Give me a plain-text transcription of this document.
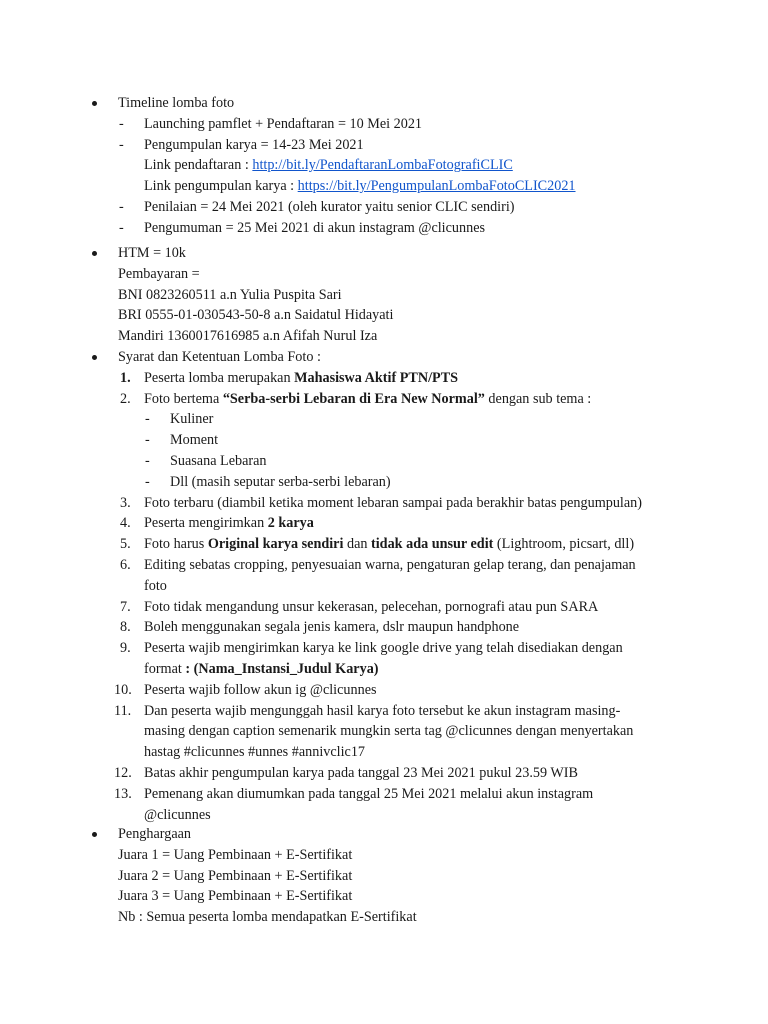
Timeline lomba foto
- Launching pamflet + Pendaftaran = 10 Mei 2021
- Pengumpulan karya = 14-23 Mei 2021
Link pendaftaran : http://bit.ly/PendaftaranLombaFotografiCLIC
Link pengumpulan karya : https://bit.ly/PengumpulanLombaFotoCLIC2021
- Penilaian = 24 Mei 2021 (oleh kurator yaitu senior CLIC sendiri)
- Pengumuman = 25 Mei 2021 di akun instagram @clicunnes
HTM = 10k
Pembayaran =
BNI 0823260511 a.n Yulia Puspita Sari
BRI 0555-01-030543-50-8 a.n Saidatul Hidayati
Mandiri 1360017616985 a.n Afifah Nurul Iza
Syarat dan Ketentuan Lomba Foto :
1. Peserta lomba merupakan Mahasiswa Aktif PTN/PTS
2. Foto bertema “Serba-serbi Lebaran di Era New Normal” dengan sub tema :
- Kuliner
- Moment
- Suasana Lebaran
- Dll (masih seputar serba-serbi lebaran)
3. Foto terbaru (diambil ketika moment lebaran sampai pada berakhir batas pengumpulan)
4. Peserta mengirimkan 2 karya
5. Foto harus Original karya sendiri dan tidak ada unsur edit (Lightroom, picsart, dll)
6. Editing sebatas cropping, penyesuaian warna, pengaturan gelap terang, dan penajaman
foto
7. Foto tidak mengandung unsur kekerasan, pelecehan, pornografi atau pun SARA
8. Boleh menggunakan segala jenis kamera, dslr maupun handphone
9. Peserta wajib mengirimkan karya ke link google drive yang telah disediakan dengan
format : (Nama_Instansi_Judul Karya)
10. Peserta wajib follow akun ig @clicunnes
11. Dan peserta wajib mengunggah hasil karya foto tersebut ke akun instagram masing-
masing dengan caption semenarik mungkin serta tag @clicunnes dengan menyertakan
hastag #clicunnes #unnes #annivclic17
12. Batas akhir pengumpulan karya pada tanggal 23 Mei 2021 pukul 23.59 WIB
13. Pemenang akan diumumkan pada tanggal 25 Mei 2021 melalui akun instagram
@clicunnes
Penghargaan
Juara 1 = Uang Pembinaan + E-Sertifikat
Juara 2 = Uang Pembinaan + E-Sertifikat
Juara 3 = Uang Pembinaan + E-Sertifikat
Nb : Semua peserta lomba mendapatkan E-Sertifikat
